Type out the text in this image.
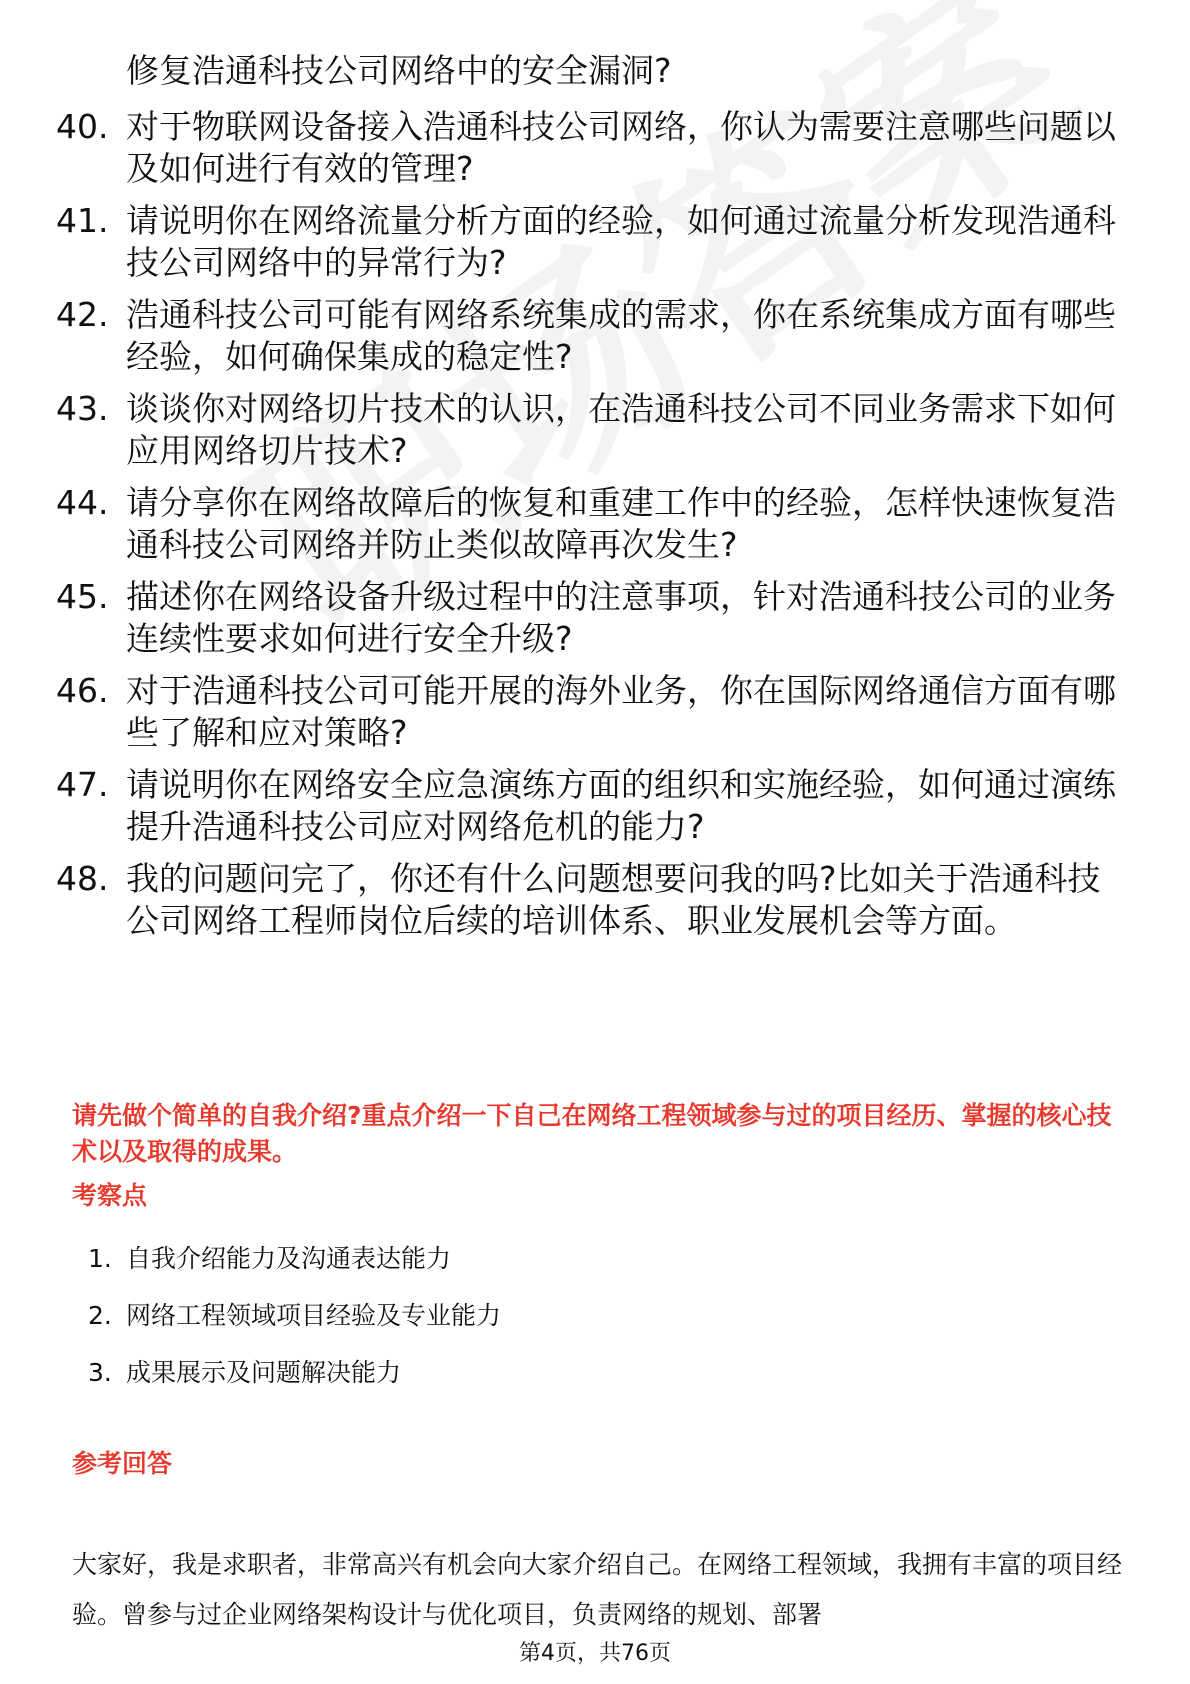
修复浩通科技公司网络中的安全漏洞?
40. 对于物联网设备接入浩通科技公司网络，你认为需要注意哪些问题以及如何进行有效的管理?
41. 请说明你在网络流量分析方面的经验，如何通过流量分析发现浩通科技公司网络中的异常行为?
42. 浩通科技公司可能有网络系统集成的需求，你在系统集成方面有哪些经验，如何确保集成的稳定性?
43. 谈谈你对网络切片技术的认识，在浩通科技公司不同业务需求下如何应用网络切片技术?
44. 请分享你在网络故障后的恢复和重建工作中的经验，怎样快速恢复浩通科技公司网络并防止类似故障再次发生?
45. 描述你在网络设备升级过程中的注意事项，针对浩通科技公司的业务连续性要求如何进行安全升级?
46. 对于浩通科技公司可能开展的海外业务，你在国际网络通信方面有哪些了解和应对策略?
47. 请说明你在网络安全应急演练方面的组织和实施经验，如何通过演练提升浩通科技公司应对网络危机的能力?
48. 我的问题问完了，你还有什么问题想要问我的吗?比如关于浩通科技公司网络工程师岗位后续的培训体系、职业发展机会等方面。
请先做个简单的自我介绍?重点介绍一下自己在网络工程领域参与过的项目经历、掌握的核心技术以及取得的成果。
考察点
1. 自我介绍能力及沟通表达能力
2. 网络工程领域项目经验及专业能力
3. 成果展示及问题解决能力
参考回答
大家好，我是求职者，非常高兴有机会向大家介绍自己。在网络工程领域，我拥有丰富的项目经验。曾参与过企业网络架构设计与优化项目，负责网络的规划、部署
第4页，共76页
